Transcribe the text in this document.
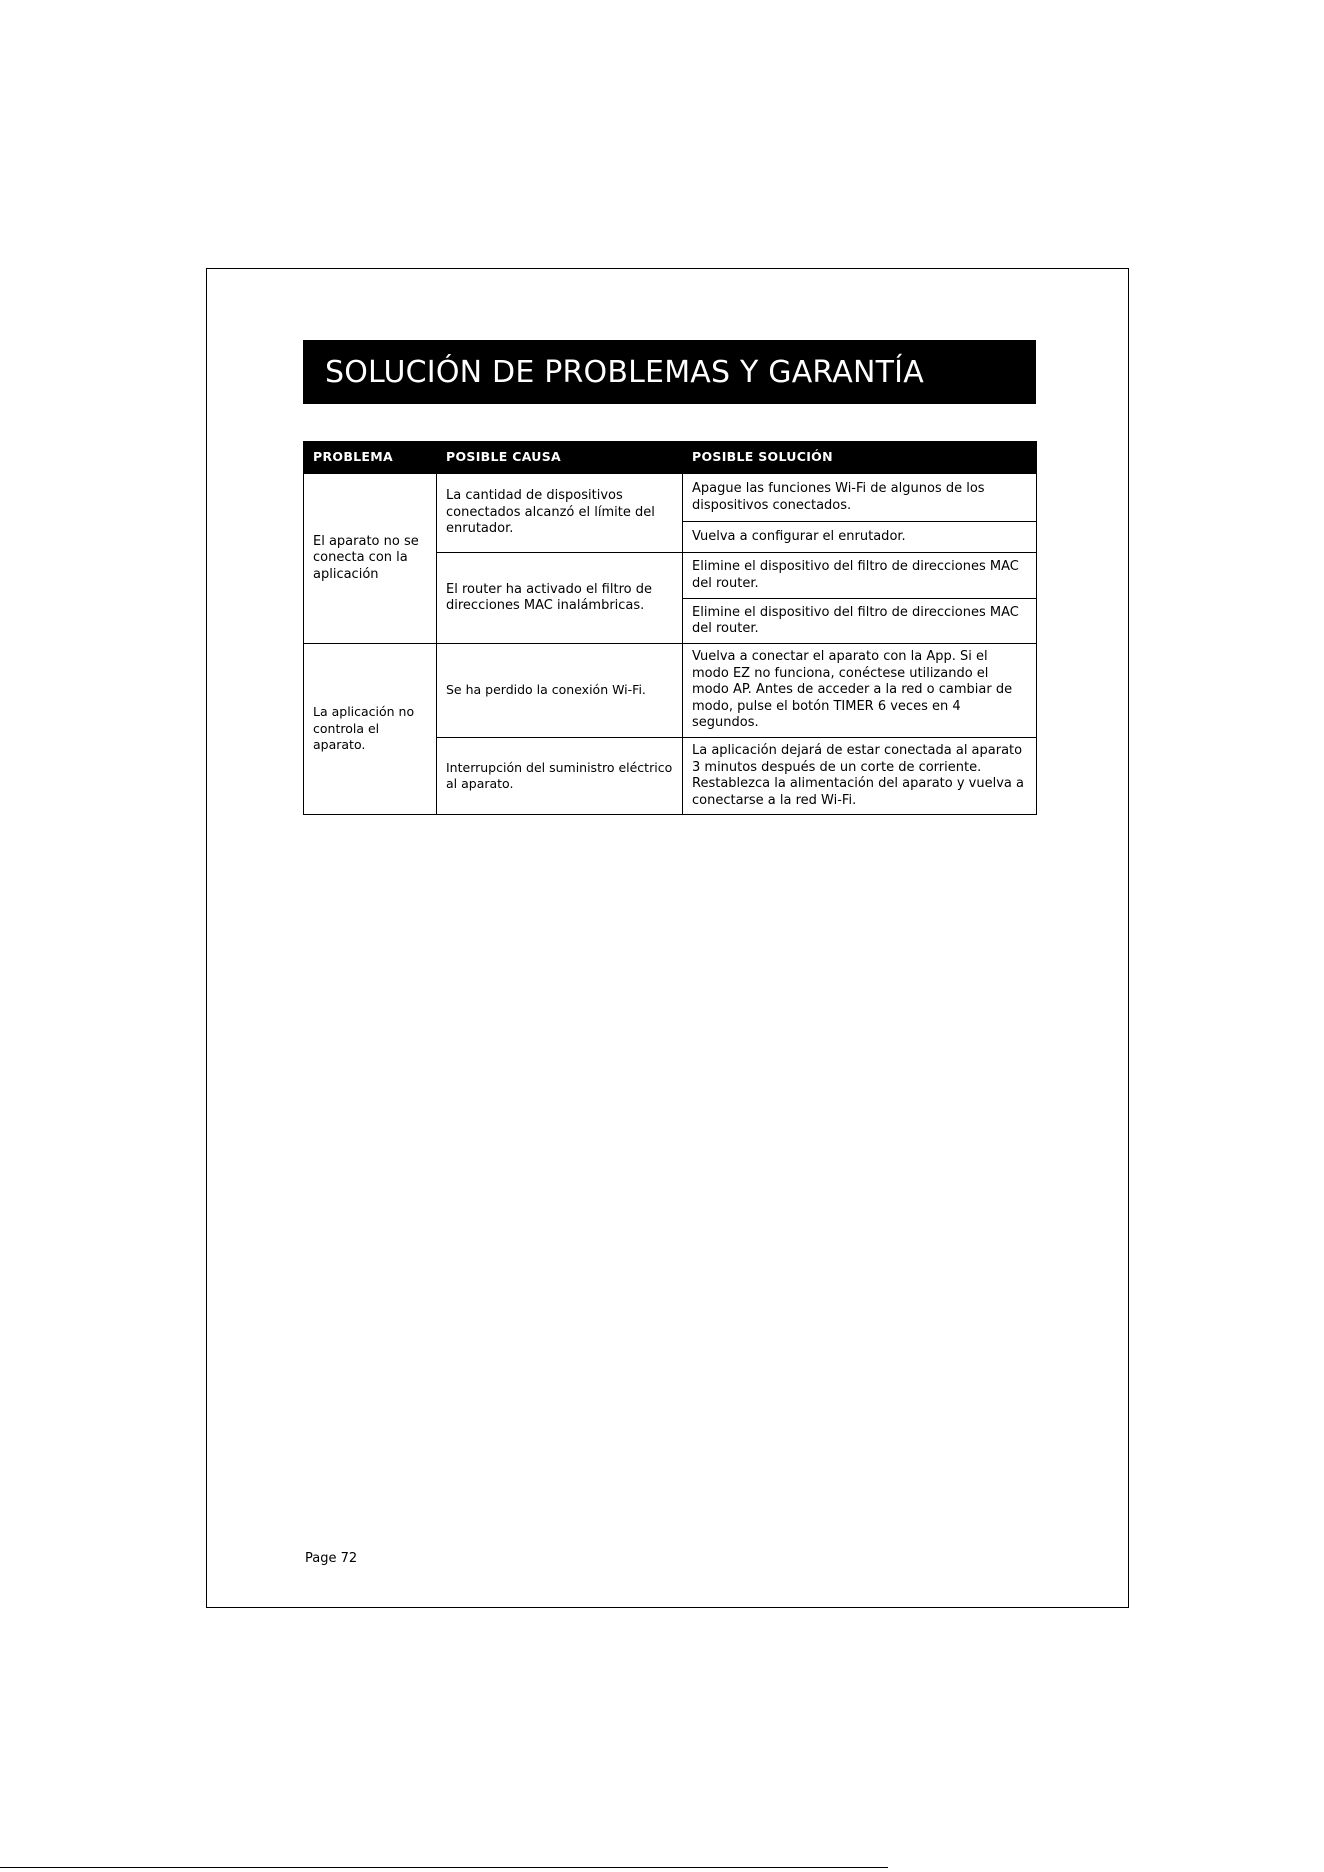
SOLUCIÓN DE PROBLEMAS Y GARANTÍA
PROBLEMA	POSIBLE CAUSA	POSIBLE SOLUCIÓN
El aparato no se conecta con la aplicación	La cantidad de dispositivos conectados alcanzó el límite del enrutador.	Apague las funciones Wi-Fi de algunos de los dispositivos conectados.
		Vuelva a configurar el enrutador.
	El router ha activado el filtro de direcciones MAC inalámbricas.	Elimine el dispositivo del filtro de direcciones MAC del router.
		Elimine el dispositivo del filtro de direcciones MAC del router.
La aplicación no controla el aparato.	Se ha perdido la conexión Wi-Fi.	Vuelva a conectar el aparato con la App. Si el modo EZ no funciona, conéctese utilizando el modo AP. Antes de acceder a la red o cambiar de modo, pulse el botón TIMER 6 veces en 4 segundos.
	Interrupción del suministro eléctrico al aparato.	La aplicación dejará de estar conectada al aparato 3 minutos después de un corte de corriente. Restablezca la alimentación del aparato y vuelva a conectarse a la red Wi-Fi.
Page 72
